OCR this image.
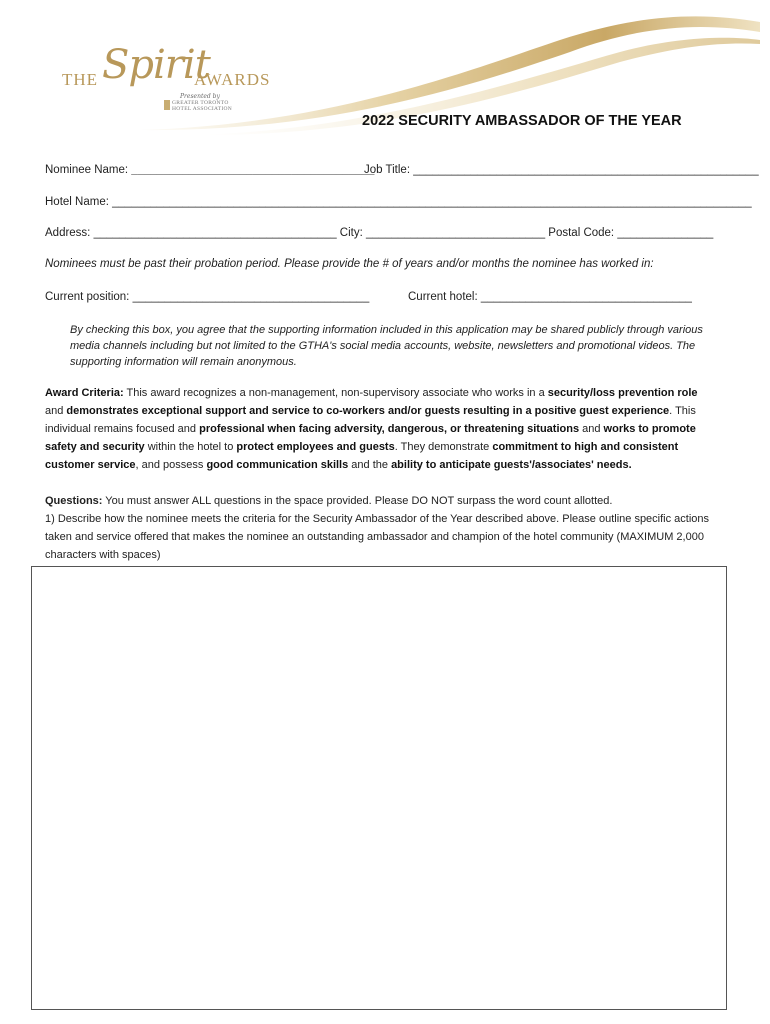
THE Spirit
AWARDS
Presented by
GREATER TORONTO
HOTEL ASSOCIATION
2022 SECURITY AMBASSADOR OF THE YEAR
Nominee Name: ______________________________________
Job Title: ______________________________________________________
Hotel Name: ____________________________________________________________________________________________________
Address: ______________________________________ City: ____________________________ Postal Code: _______________
Nominees must be past their probation period. Please provide the # of years and/or months the nominee has worked in:
Current position: _____________________________________	Current hotel: _________________________________
By checking this box, you agree that the supporting information included in this application may be shared publicly through various media channels including but not limited to the GTHA's social media accounts, website, newsletters and promotional videos. The supporting information will remain anonymous.
Award Criteria: This award recognizes a non-management, non-supervisory associate who works in a security/loss prevention role and demonstrates exceptional support and service to co-workers and/or guests resulting in a positive guest experience. This individual remains focused and professional when facing adversity, dangerous, or threatening situations and works to promote safety and security within the hotel to protect employees and guests. They demonstrate commitment to high and consistent customer service, and possess good communication skills and the ability to anticipate guests'/associates' needs.
Questions: You must answer ALL questions in the space provided. Please DO NOT surpass the word count allotted.
1) Describe how the nominee meets the criteria for the Security Ambassador of the Year described above. Please outline specific actions taken and service offered that makes the nominee an outstanding ambassador and champion of the hotel community (MAXIMUM 2,000 characters with spaces)
